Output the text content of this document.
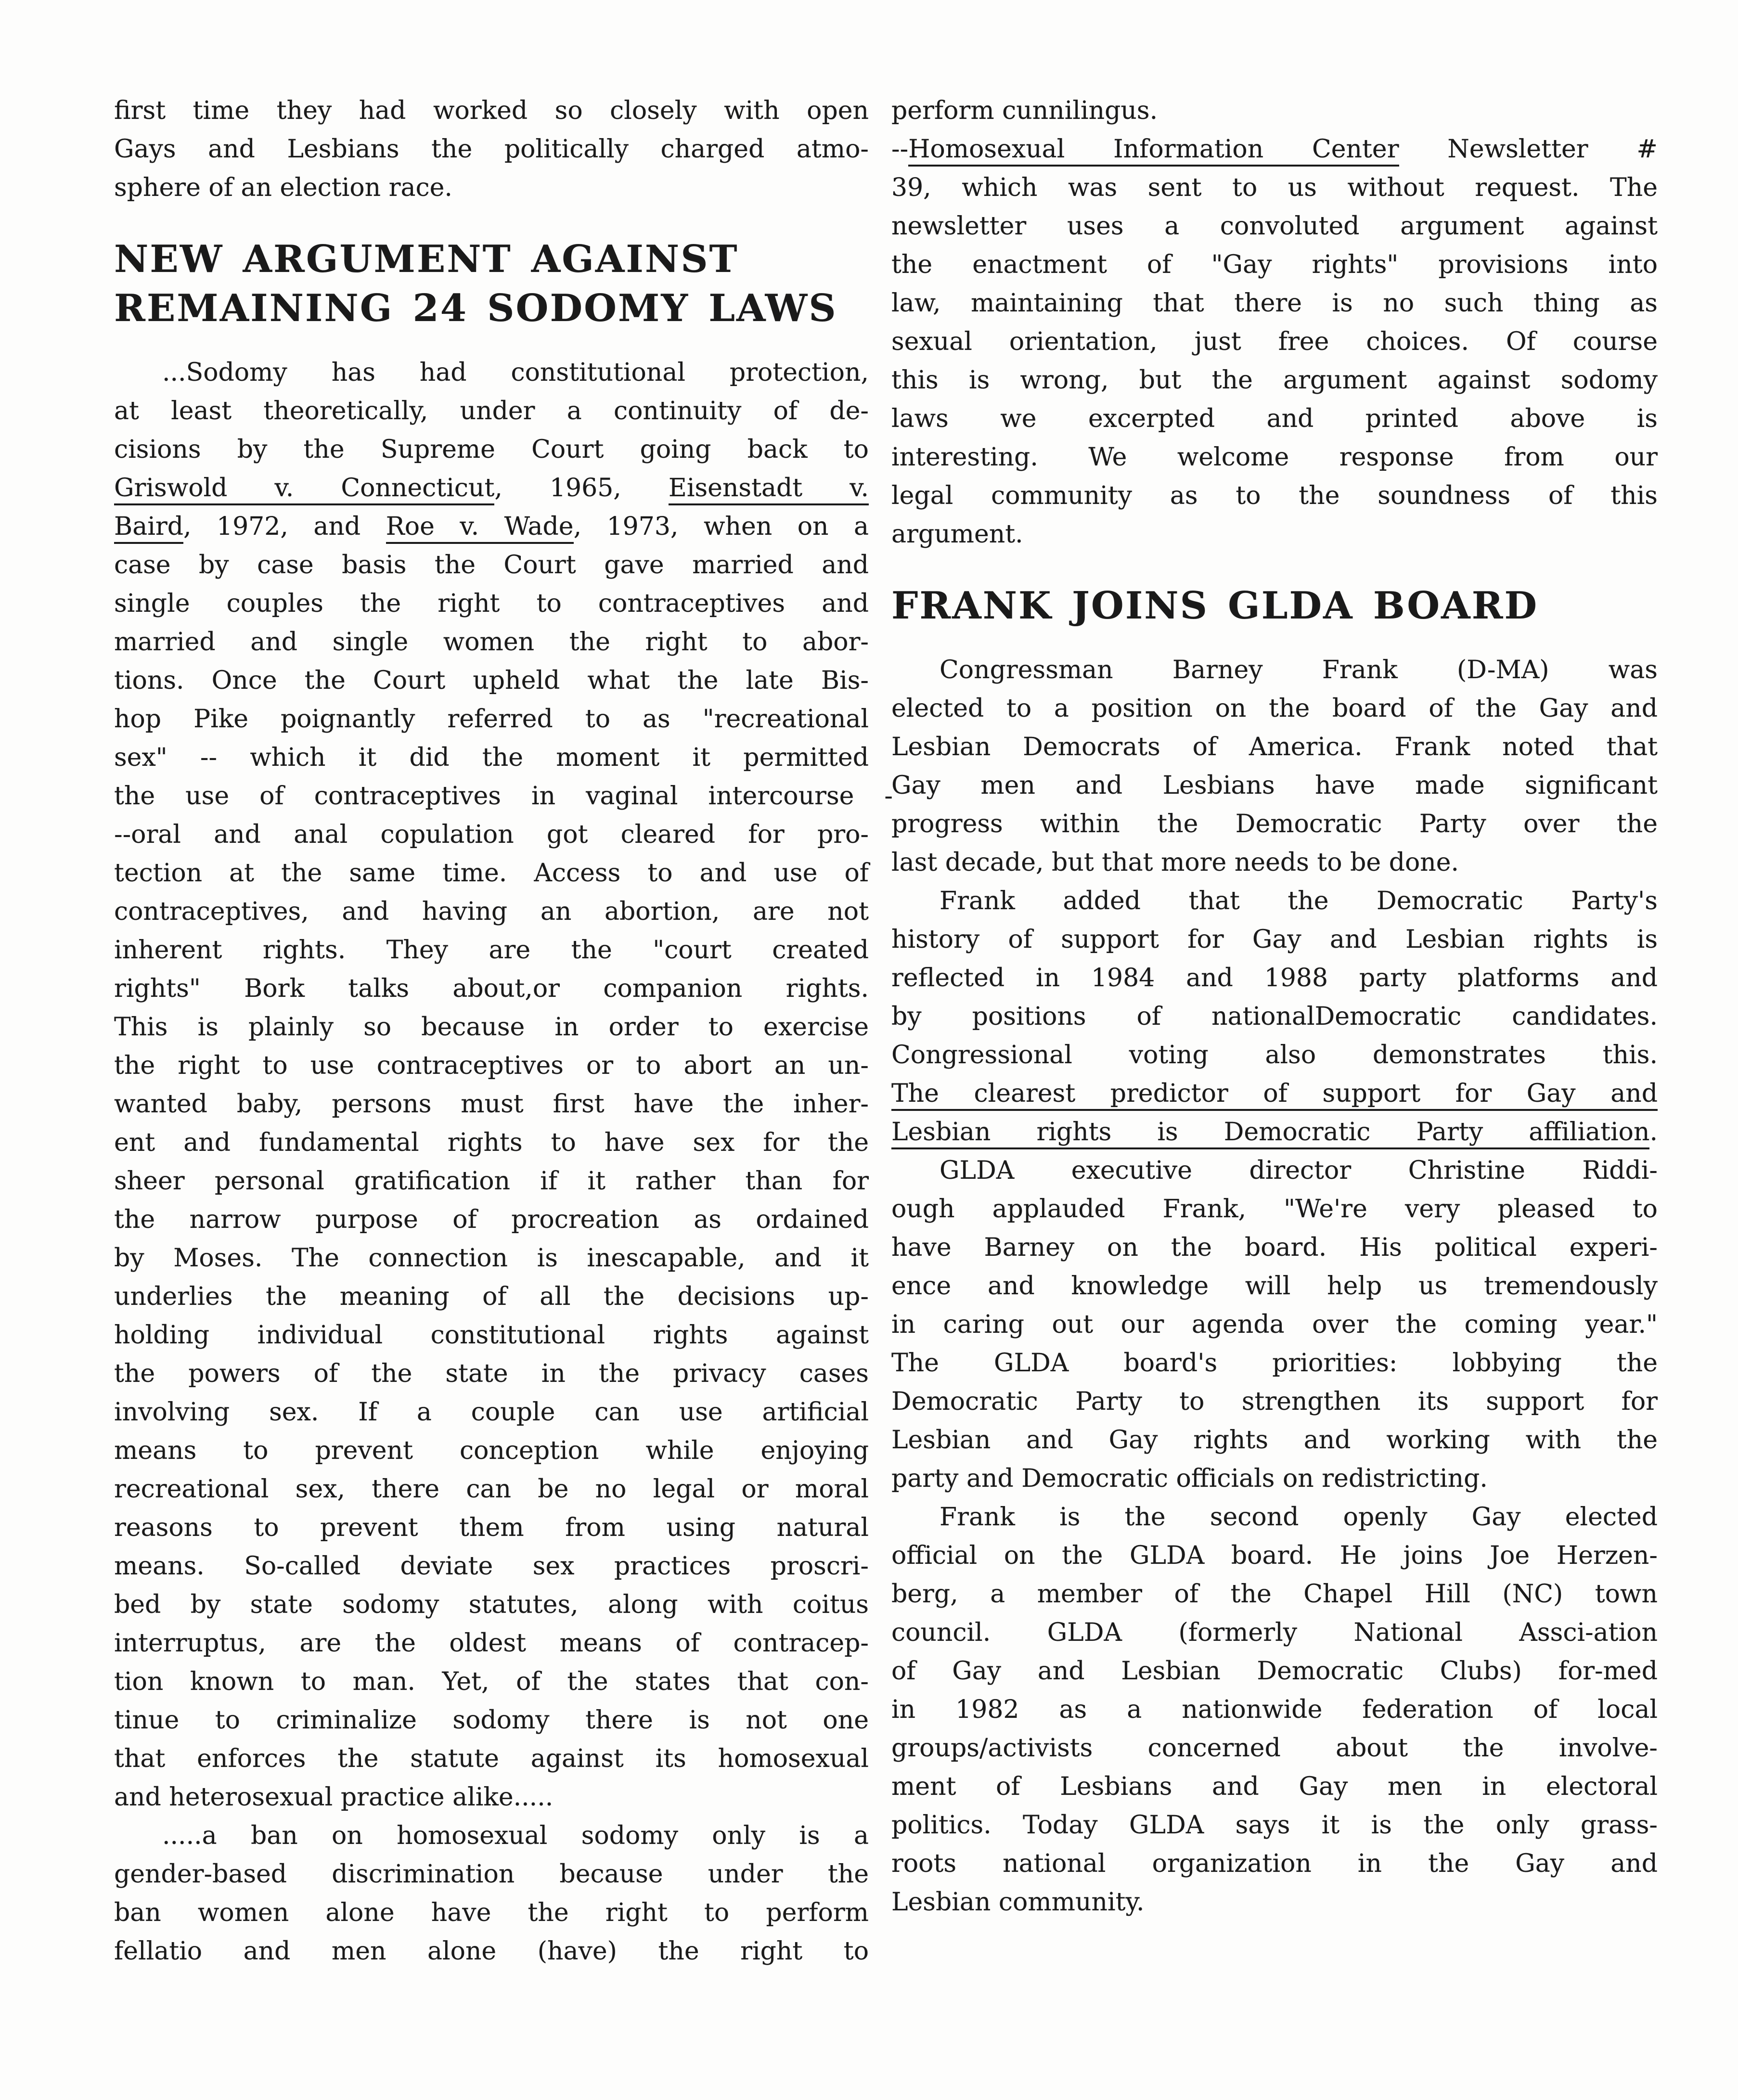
first time they had worked so closely with open
Gays and Lesbians the politically charged atmo-
sphere of an election race.
NEW ARGUMENT AGAINST
REMAINING 24 SODOMY LAWS
...Sodomy has had constitutional protection,
at least theoretically, under a continuity of de-
cisions by the Supreme Court going back to
Griswold v. Connecticut, 1965, Eisenstadt v.
Baird, 1972, and Roe v. Wade, 1973, when on a
case by case basis the Court gave married and
single couples the right to contraceptives and
married and single women the right to abor-
tions. Once the Court upheld what the late Bis-
hop Pike poignantly referred to as "recreational
sex" -- which it did the moment it permitted
the use of contraceptives in vaginal intercourse -
--oral and anal copulation got cleared for pro-
tection at the same time. Access to and use of
contraceptives, and having an abortion, are not
inherent rights. They are the "court created
rights" Bork talks about,or companion rights.
This is plainly so because in order to exercise
the right to use contraceptives or to abort an un-
wanted baby, persons must first have the inher-
ent and fundamental rights to have sex for the
sheer personal gratification if it rather than for
the narrow purpose of procreation as ordained
by Moses. The connection is inescapable, and it
underlies the meaning of all the decisions up-
holding individual constitutional rights against
the powers of the state in the privacy cases
involving sex. If a couple can use artificial
means to prevent conception while enjoying
recreational sex, there can be no legal or moral
reasons to prevent them from using natural
means. So-called deviate sex practices proscri-
bed by state sodomy statutes, along with coitus
interruptus, are the oldest means of contracep-
tion known to man. Yet, of the states that con-
tinue to criminalize sodomy there is not one
that enforces the statute against its homosexual
and heterosexual practice alike.....
.....a ban on homosexual sodomy only is a
gender-based discrimination because under the
ban women alone have the right to perform
fellatio and men alone (have) the right to
perform cunnilingus.
--Homosexual Information Center Newsletter #
39, which was sent to us without request. The
newsletter uses a convoluted argument against
the enactment of "Gay rights" provisions into
law, maintaining that there is no such thing as
sexual orientation, just free choices. Of course
this is wrong, but the argument against sodomy
laws we excerpted and printed above is
interesting. We welcome response from our
legal community as to the soundness of this
argument.
FRANK JOINS GLDA BOARD
Congressman Barney Frank (D-MA) was
elected to a position on the board of the Gay and
Lesbian Democrats of America. Frank noted that
Gay men and Lesbians have made significant
progress within the Democratic Party over the
last decade, but that more needs to be done.
Frank added that the Democratic Party's
history of support for Gay and Lesbian rights is
reflected in 1984 and 1988 party platforms and
by positions of nationalDemocratic candidates.
Congressional voting also demonstrates this.
The clearest predictor of support for Gay and
Lesbian rights is Democratic Party affiliation.
GLDA executive director Christine Riddi-
ough applauded Frank, "We're very pleased to
have Barney on the board. His political experi-
ence and knowledge will help us tremendously
in caring out our agenda over the coming year."
The GLDA board's priorities: lobbying the
Democratic Party to strengthen its support for
Lesbian and Gay rights and working with the
party and Democratic officials on redistricting.
Frank is the second openly Gay elected
official on the GLDA board. He joins Joe Herzen-
berg, a member of the Chapel Hill (NC) town
council. GLDA (formerly National Assci-ation
of Gay and Lesbian Democratic Clubs) for-med
in 1982 as a nationwide federation of local
groups/activists concerned about the involve-
ment of Lesbians and Gay men in electoral
politics. Today GLDA says it is the only grass-
roots national organization in the Gay and
Lesbian community.
